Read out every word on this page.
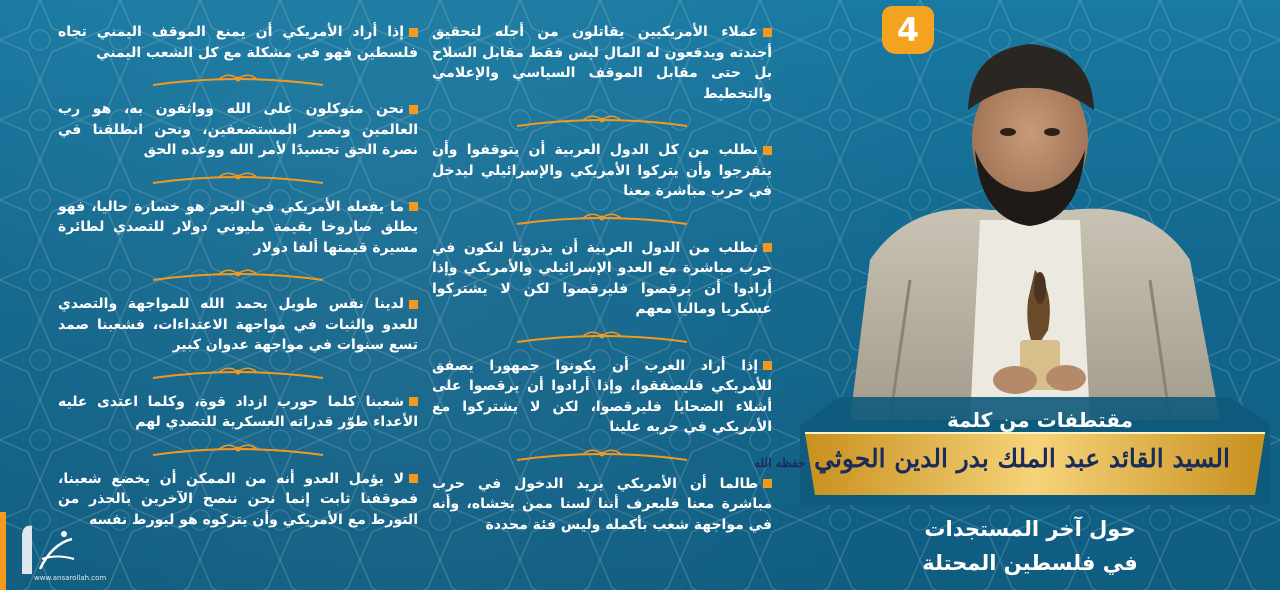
إذا أراد الأمريكي أن يمنع الموقف اليمني تجاه فلسطين فهو في مشكلة مع كل الشعب اليمني

نحن متوكلون على الله وواثقون به، هو رب العالمين ونصير المستضعفين، ونحن انطلقنا في نصرة الحق تجسيدًا لأمر الله ووعده الحق

ما يفعله الأمريكي في البحر هو خسارة حاليا، فهو يطلق صاروخا بقيمة مليوني دولار للتصدي لطائرة مسيرة قيمتها ألفا دولار

لدينا نفس طويل بحمد الله للمواجهة والتصدي للعدو والثبات في مواجهة الاعتداءات، فشعبنا صمد تسع سنوات في مواجهة عدوان كبير

شعبنا كلما حورب ازداد قوة، وكلما اعتدى عليه الأعداء طوّر قدراته العسكرية للتصدي لهم

لا يؤمل العدو أنه من الممكن أن يخضع شعبنا، فموقفنا ثابت إنما نحن ننصح الآخرين بالحذر من التورط مع الأمريكي وأن يتركوه هو ليورط نفسه

عملاء الأمريكيين يقاتلون من أجله لتحقيق أجندته ويدفعون له المال ليس فقط مقابل السلاح بل حتى مقابل الموقف السياسي والإعلامي والتخطيط

نطلب من كل الدول العربية أن يتوقفوا وأن يتفرجوا وأن يتركوا الأمريكي والإسرائيلي ليدخل في حرب مباشرة معنا

نطلب من الدول العربية أن يذرونا لنكون في حرب مباشرة مع العدو الإسرائيلي والأمريكي وإذا أرادوا أن يرقصوا فليرقصوا لكن لا يشتركوا عسكريا وماليا معهم

إذا أراد العرب أن يكونوا جمهورا يصفق للأمريكي فليصفقوا، وإذا أرادوا أن يرقصوا على أشلاء الضحايا فليرقصوا، لكن لا يشتركوا مع الأمريكي في حربه علينا

طالما أن الأمريكي يريد الدخول في حرب مباشرة معنا فليعرف أننا لسنا ممن يخشاه، وأنه في مواجهة شعب بأكمله وليس فئة محددة

4
مقتطفات من كلمة
السيد القائد عبد الملك بدر الدين الحوثي حفظه الله
حول آخر المستجدات
في فلسطين المحتلة
www.ansarollah.com
